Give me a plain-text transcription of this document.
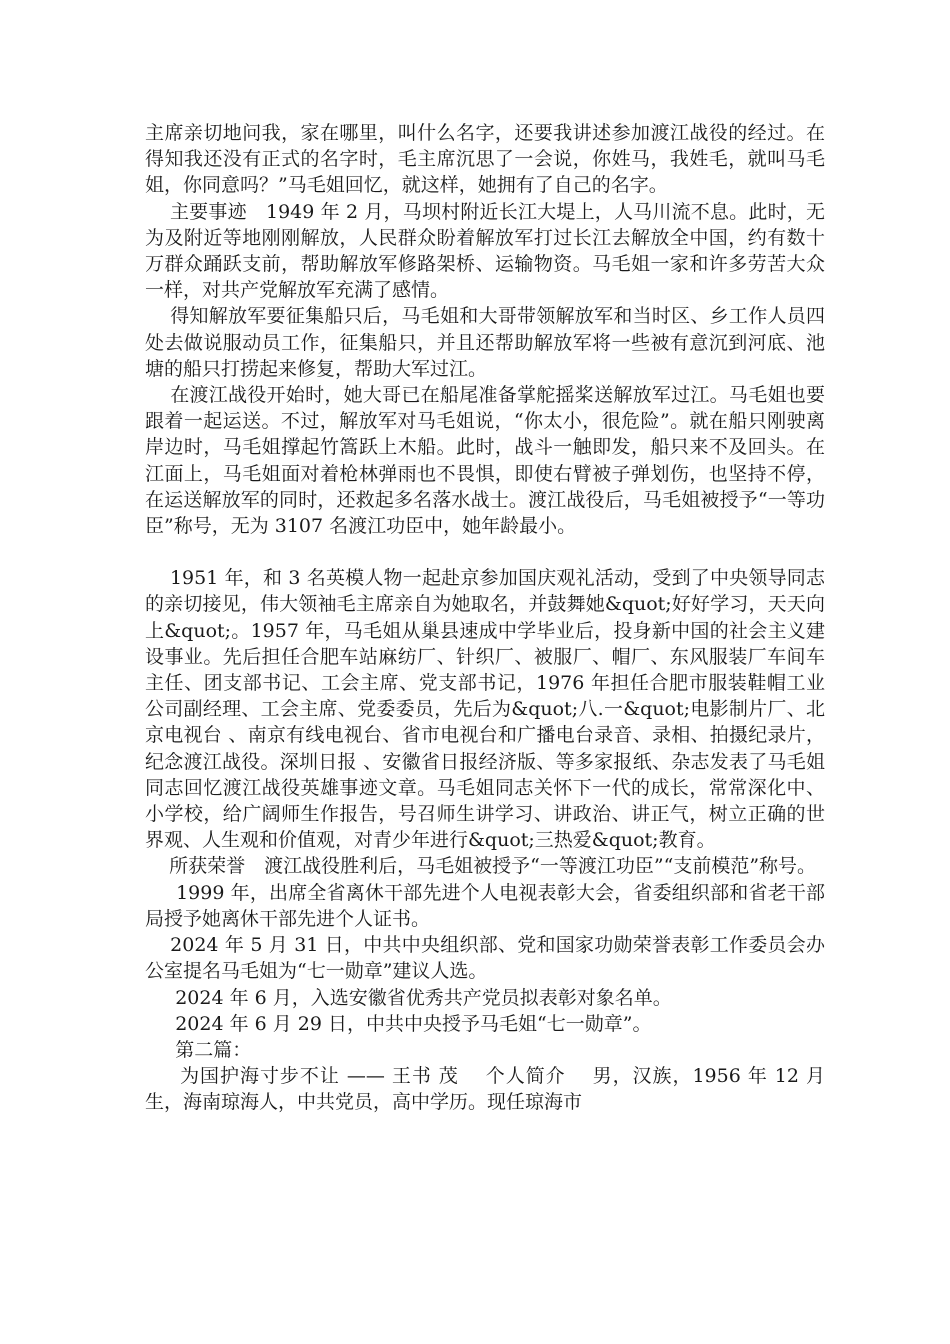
主席亲切地问我，家在哪里，叫什么名字，还要我讲述参加渡江战役的经过。在得知我还没有正式的名字时，毛主席沉思了一会说，你姓马，我姓毛，就叫马毛姐，你同意吗？”马毛姐回忆，就这样，她拥有了自己的名字。

主要事迹　1949 年 2 月，马坝村附近长江大堤上，人马川流不息。此时，无为及附近等地刚刚解放，人民群众盼着解放军打过长江去解放全中国，约有数十万群众踊跃支前，帮助解放军修路架桥、运输物资。马毛姐一家和许多劳苦大众一样，对共产党解放军充满了感情。

得知解放军要征集船只后，马毛姐和大哥带领解放军和当时区、乡工作人员四处去做说服动员工作，征集船只，并且还帮助解放军将一些被有意沉到河底、池塘的船只打捞起来修复，帮助大军过江。

在渡江战役开始时，她大哥已在船尾准备掌舵摇桨送解放军过江。马毛姐也要跟着一起运送。不过，解放军对马毛姐说，“你太小，很危险”。就在船只刚驶离岸边时，马毛姐撑起竹篙跃上木船。此时，战斗一触即发，船只来不及回头。在江面上，马毛姐面对着枪林弹雨也不畏惧，即使右臂被子弹划伤，也坚持不停，在运送解放军的同时，还救起多名落水战士。渡江战役后，马毛姐被授予“一等功臣”称号，无为 3107 名渡江功臣中，她年龄最小。

1951 年，和 3 名英模人物一起赴京参加国庆观礼活动，受到了中央领导同志的亲切接见，伟大领袖毛主席亲自为她取名，并鼓舞她&quot;好好学习，天天向上&quot;。1957 年，马毛姐从巢县速成中学毕业后，投身新中国的社会主义建设事业。先后担任合肥车站麻纺厂、针织厂、被服厂、帽厂、东风服装厂车间车主任、团支部书记、工会主席、党支部书记，1976 年担任合肥市服装鞋帽工业公司副经理、工会主席、党委委员，先后为&quot;八.一&quot;电影制片厂、北京电视台 、南京有线电视台、省市电视台和广播电台录音、录相、拍摄纪录片，纪念渡江战役。深圳日报 、安徽省日报经济版、等多家报纸、杂志发表了马毛姐同志回忆渡江战役英雄事迹文章。马毛姐同志关怀下一代的成长，常常深化中、小学校，给广阔师生作报告，号召师生讲学习、讲政治、讲正气，树立正确的世界观、人生观和价值观，对青少年进行&quot;三热爱&quot;教育。

所获荣誉　渡江战役胜利后，马毛姐被授予“一等渡江功臣”“支前模范”称号。

1999 年，出席全省离休干部先进个人电视表彰大会，省委组织部和省老干部局授予她离休干部先进个人证书。

2024 年 5 月 31 日，中共中央组织部、党和国家功勋荣誉表彰工作委员会办公室提名马毛姐为“七一勋章”建议人选。

2024 年 6 月，入选安徽省优秀共产党员拟表彰对象名单。

2024 年 6 月 29 日，中共中央授予马毛姐“七一勋章”。

第二篇：

为国护海寸步不让 —— 王书 茂　 个人简介　 男，汉族，1956 年 12 月生，海南琼海人，中共党员，高中学历。现任琼海市
